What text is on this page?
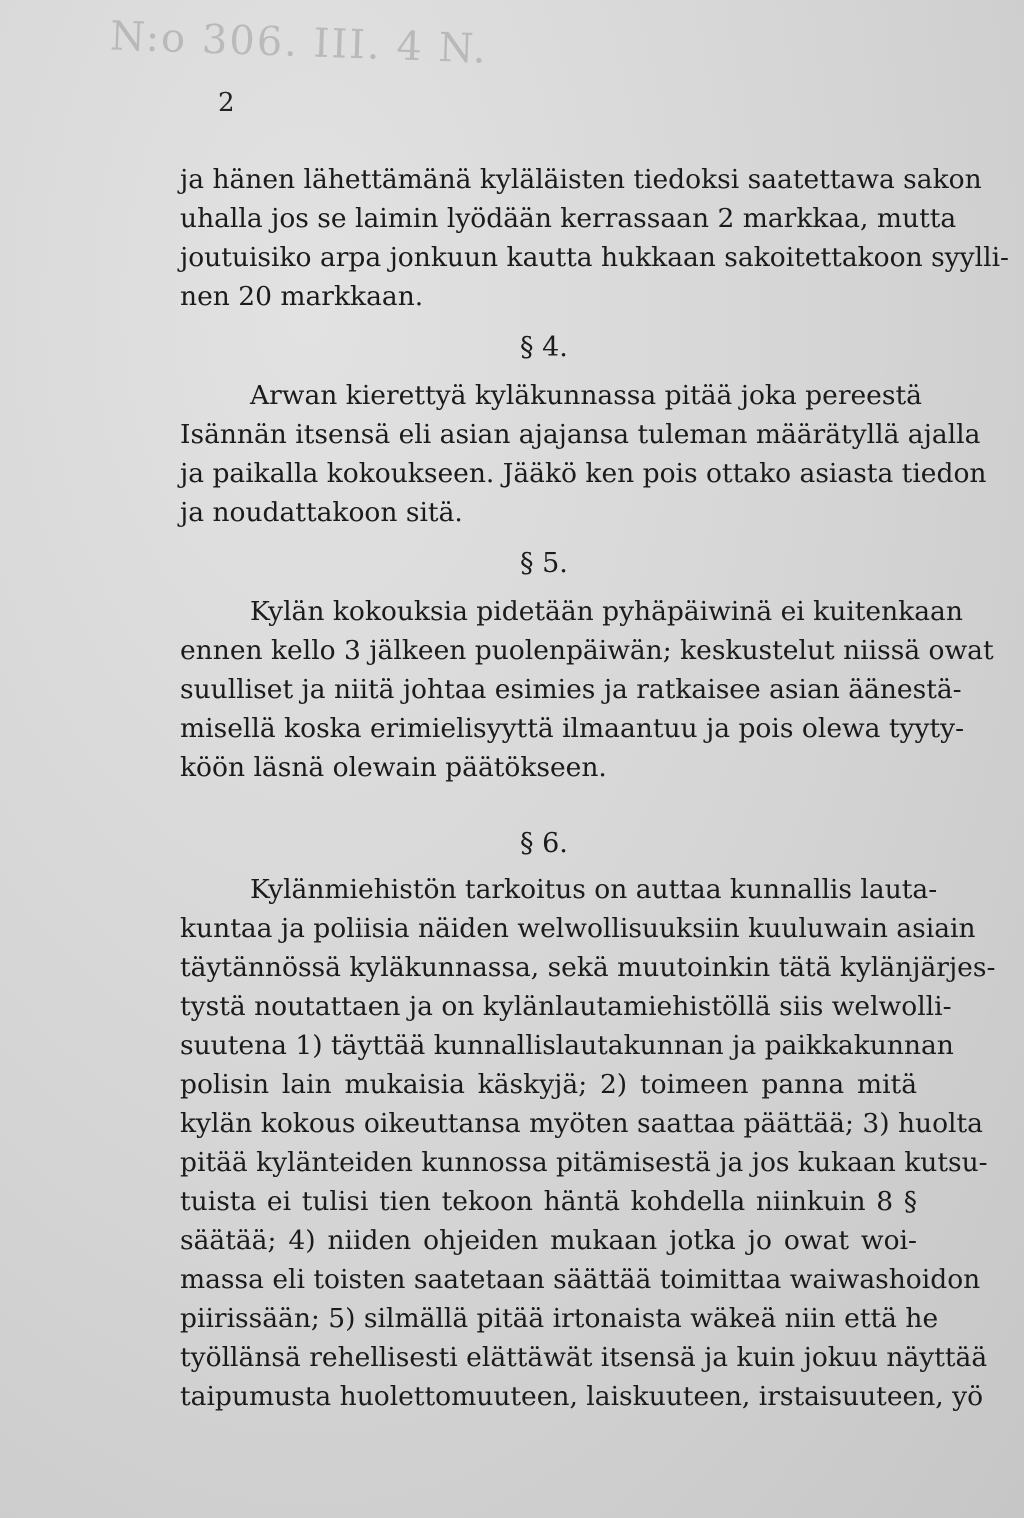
N:o 306. III. 4 N.
2
ja hänen lähettämänä kyläläisten tiedoksi saatettawa sakon
uhalla jos se laimin lyödään kerrassaan 2 markkaa, mutta
joutuisiko arpa jonkuun kautta hukkaan sakoitettakoon syylli-
nen 20 markkaan.
§ 4.
Arwan kierettyä kyläkunnassa pitää joka pereestä
Isännän itsensä eli asian ajajansa tuleman määrätyllä ajalla
ja paikalla kokoukseen. Jääkö ken pois ottako asiasta tiedon
ja noudattakoon sitä.
§ 5.
Kylän kokouksia pidetään pyhäpäiwinä ei kuitenkaan
ennen kello 3 jälkeen puolenpäiwän; keskustelut niissä owat
suulliset ja niitä johtaa esimies ja ratkaisee asian äänestä-
misellä koska erimielisyyttä ilmaantuu ja pois olewa tyyty-
köön läsnä olewain päätökseen.
§ 6.
Kylänmiehistön tarkoitus on auttaa kunnallis lauta-
kuntaa ja poliisia näiden welwollisuuksiin kuuluwain asiain
täytännössä kyläkunnassa, sekä muutoinkin tätä kylänjärjes-
tystä noutattaen ja on kylänlautamiehistöllä siis welwolli-
suutena 1) täyttää kunnallislautakunnan ja paikkakunnan
polisin lain mukaisia käskyjä; 2) toimeen panna mitä
kylän kokous oikeuttansa myöten saattaa päättää; 3) huolta
pitää kylänteiden kunnossa pitämisestä ja jos kukaan kutsu-
tuista ei tulisi tien tekoon häntä kohdella niinkuin 8 §
säätää; 4) niiden ohjeiden mukaan jotka jo owat woi-
massa eli toisten saatetaan säättää toimittaa waiwashoidon
piirissään; 5) silmällä pitää irtonaista wäkeä niin että he
työllänsä rehellisesti elättäwät itsensä ja kuin jokuu näyttää
taipumusta huolettomuuteen, laiskuuteen, irstaisuuteen, yö
